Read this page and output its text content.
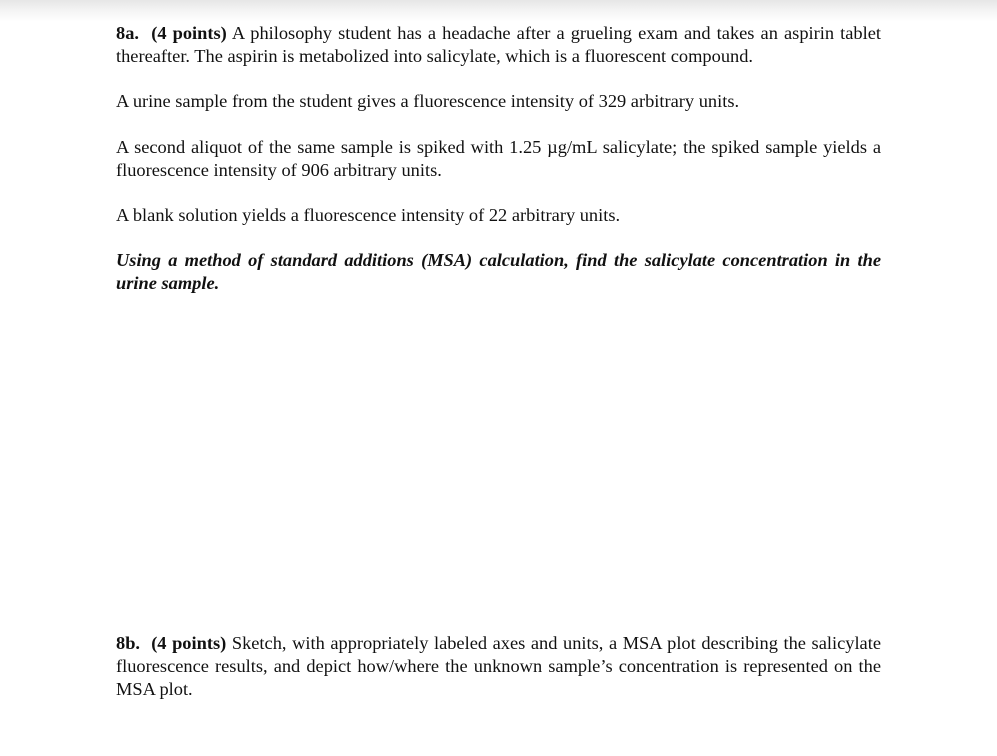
8a. (4 points) A philosophy student has a headache after a grueling exam and takes an aspirin tablet thereafter. The aspirin is metabolized into salicylate, which is a fluorescent compound.

A urine sample from the student gives a fluorescence intensity of 329 arbitrary units.

A second aliquot of the same sample is spiked with 1.25 µg/mL salicylate; the spiked sample yields a fluorescence intensity of 906 arbitrary units.

A blank solution yields a fluorescence intensity of 22 arbitrary units.

Using a method of standard additions (MSA) calculation, find the salicylate concentration in the urine sample.

8b. (4 points) Sketch, with appropriately labeled axes and units, a MSA plot describing the salicylate fluorescence results, and depict how/where the unknown sample’s concentration is represented on the MSA plot.
